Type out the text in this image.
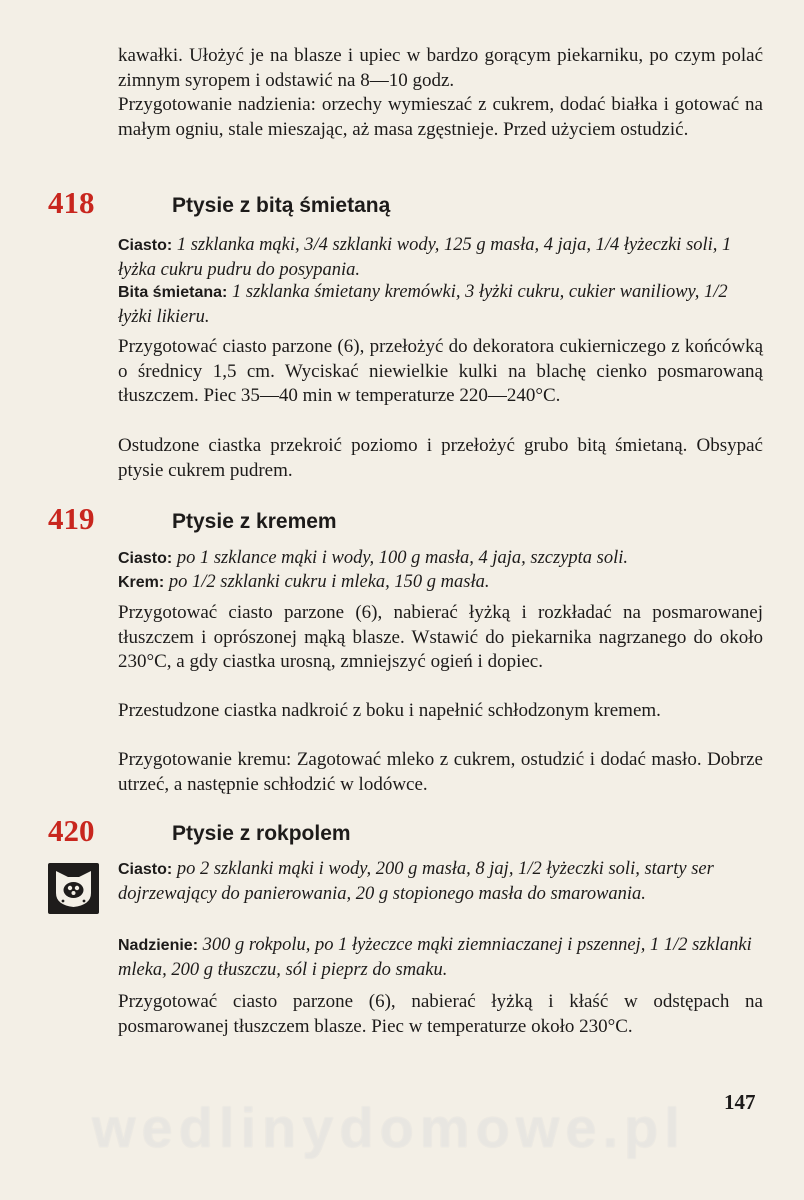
kawałki. Ułożyć je na blasze i upiec w bardzo gorącym piekarniku, po czym polać zimnym syropem i odstawić na 8—10 godz.

Przygotowanie nadzienia: orzechy wymieszać z cukrem, dodać białka i gotować na małym ogniu, stale mieszając, aż masa zgęstnieje. Przed użyciem ostudzić.

418	Ptysie z bitą śmietaną

Ciasto: 1 szklanka mąki, 3/4 szklanki wody, 125 g masła, 4 jaja, 1/4 łyżeczki soli, 1 łyżka cukru pudru do posypania.

Bita śmietana: 1 szklanka śmietany kremówki, 3 łyżki cukru, cukier waniliowy, 1/2 łyżki likieru.

Przygotować ciasto parzone (6), przełożyć do dekoratora cukierniczego z końcówką o średnicy 1,5 cm. Wyciskać niewielkie kulki na blachę cienko posmarowaną tłuszczem. Piec 35—40 min w temperaturze 220—240°C.

Ostudzone ciastka przekroić poziomo i przełożyć grubo bitą śmietaną. Obsypać ptysie cukrem pudrem.

419	Ptysie z kremem

Ciasto: po 1 szklance mąki i wody, 100 g masła, 4 jaja, szczypta soli.

Krem: po 1/2 szklanki cukru i mleka, 150 g masła.

Przygotować ciasto parzone (6), nabierać łyżką i rozkładać na posmarowanej tłuszczem i oprószonej mąką blasze. Wstawić do piekarnika nagrzanego do około 230°C, a gdy ciastka urosną, zmniejszyć ogień i dopiec.

Przestudzone ciastka nadkroić z boku i napełnić schłodzonym kremem.

Przygotowanie kremu: Zagotować mleko z cukrem, ostudzić i dodać masło. Dobrze utrzeć, a następnie schłodzić w lodówce.

420	Ptysie z rokpolem

Ciasto: po 2 szklanki mąki i wody, 200 g masła, 8 jaj, 1/2 łyżeczki soli, starty ser dojrzewający do panierowania, 20 g stopionego masła do smarowania.

Nadzienie: 300 g rokpolu, po 1 łyżeczce mąki ziemniaczanej i pszennej, 1 1/2 szklanki mleka, 200 g tłuszczu, sól i pieprz do smaku.

Przygotować ciasto parzone (6), nabierać łyżką i kłaść w odstępach na posmarowanej tłuszczem blasze. Piec w temperaturze około 230°C.

wedlinydomowe.pl 147
